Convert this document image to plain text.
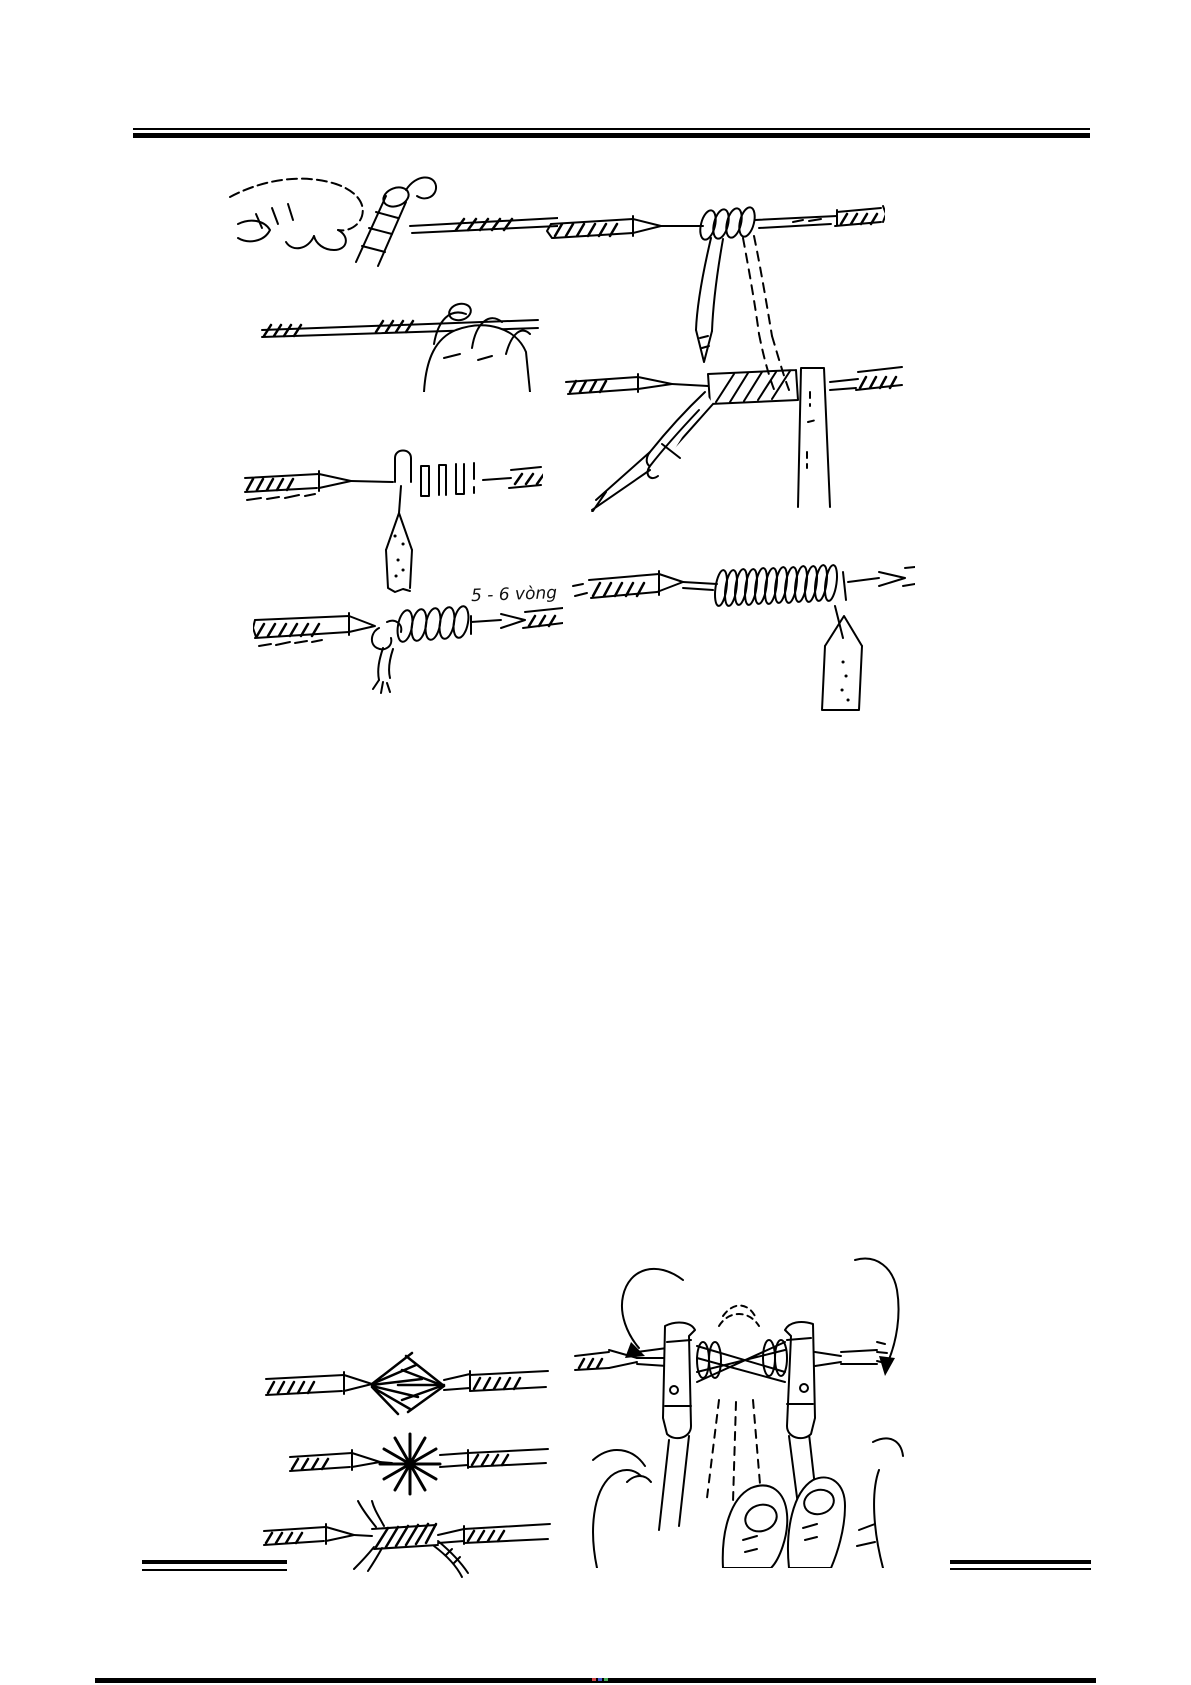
5 - 6 vòng
